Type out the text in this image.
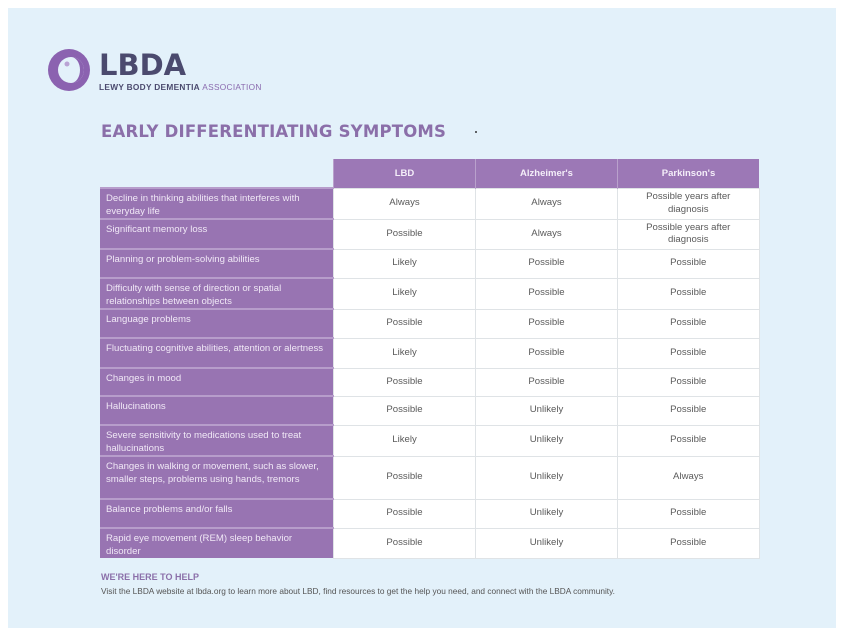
LBDA
LEWY BODY DEMENTIA ASSOCIATION
EARLY DIFFERENTIATING SYMPTOMS
	LBD	Alzheimer's	Parkinson's
Decline in thinking abilities that interferes with everyday life	Always	Always	Possible years after diagnosis
Significant memory loss	Possible	Always	Possible years after diagnosis
Planning or problem-solving abilities	Likely	Possible	Possible
Difficulty with sense of direction or spatial relationships between objects	Likely	Possible	Possible
Language problems	Possible	Possible	Possible
Fluctuating cognitive abilities, attention or alertness	Likely	Possible	Possible
Changes in mood	Possible	Possible	Possible
Hallucinations	Possible	Unlikely	Possible
Severe sensitivity to medications used to treat hallucinations	Likely	Unlikely	Possible
Changes in walking or movement, such as slower, smaller steps, problems using hands, tremors	Possible	Unlikely	Always
Balance problems and/or falls	Possible	Unlikely	Possible
Rapid eye movement (REM) sleep behavior disorder	Possible	Unlikely	Possible
WE'RE HERE TO HELP
Visit the LBDA website at lbda.org to learn more about LBD, find resources to get the help you need, and connect with the LBDA community.
